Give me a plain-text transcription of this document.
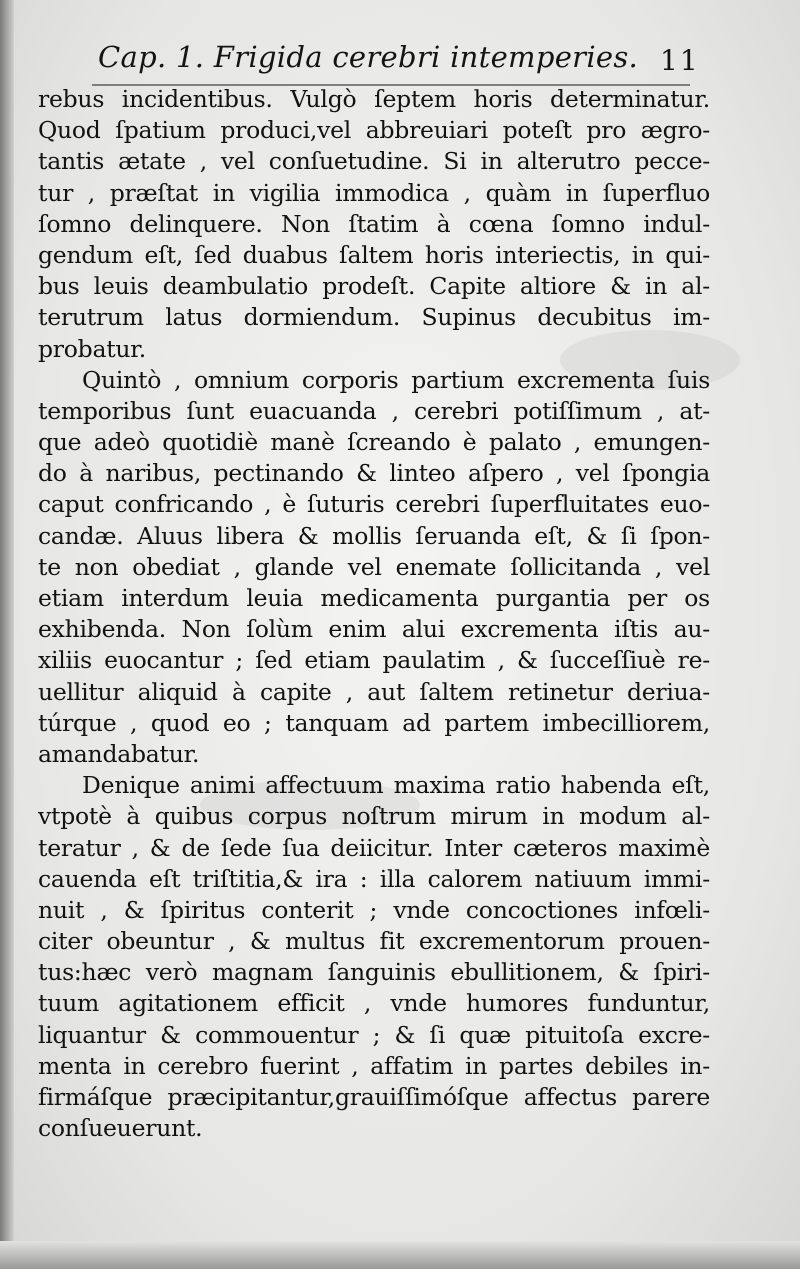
Cap. 1. Frigida cerebri intemperies. 11
rebus incidentibus. Vulgò ſeptem horis determinatur.
Quod ſpatium produci,vel abbreuiari poteſt pro ægro-
tantis ætate , vel conſuetudine. Si in alterutro pecce-
tur , præſtat in vigilia immodica , quàm in ſuperfluo
ſomno delinquere. Non ſtatim à cœna ſomno indul-
gendum eſt, ſed duabus ſaltem horis interiectis, in qui-
bus leuis deambulatio prodeſt. Capite altiore & in al-
terutrum latus dormiendum. Supinus decubitus im-
probatur.
Quintò , omnium corporis partium excrementa ſuis
temporibus ſunt euacuanda , cerebri potiſſimum , at-
que adeò quotidiè manè ſcreando è palato , emungen-
do à naribus, pectinando & linteo aſpero , vel ſpongia
caput confricando , è ſuturis cerebri ſuperfluitates euo-
candæ. Aluus libera & mollis ſeruanda eſt, & ſi ſpon-
te non obediat , glande vel enemate ſollicitanda , vel
etiam interdum leuia medicamenta purgantia per os
exhibenda. Non ſolùm enim alui excrementa iſtis au-
xiliis euocantur ; ſed etiam paulatim , & ſucceſſiuè re-
uellitur aliquid à capite , aut ſaltem retinetur deriua-
túrque , quod eo ; tanquam ad partem imbecilliorem,
amandabatur.
Denique animi affectuum maxima ratio habenda eſt,
vtpotè à quibus corpus noſtrum mirum in modum al-
teratur , & de ſede ſua deiicitur. Inter cæteros maximè
cauenda eſt triſtitia,& ira : illa calorem natiuum immi-
nuit , & ſpiritus conterit ; vnde concoctiones infœli-
citer obeuntur , & multus fit excrementorum prouen-
tus:hæc verò magnam ſanguinis ebullitionem, & ſpiri-
tuum agitationem efficit , vnde humores funduntur,
liquantur & commouentur ; & ſi quæ pituitoſa excre-
menta in cerebro fuerint , affatim in partes debiles in-
firmáſque præcipitantur,grauiſſimóſque affectus parere
conſueuerunt.
